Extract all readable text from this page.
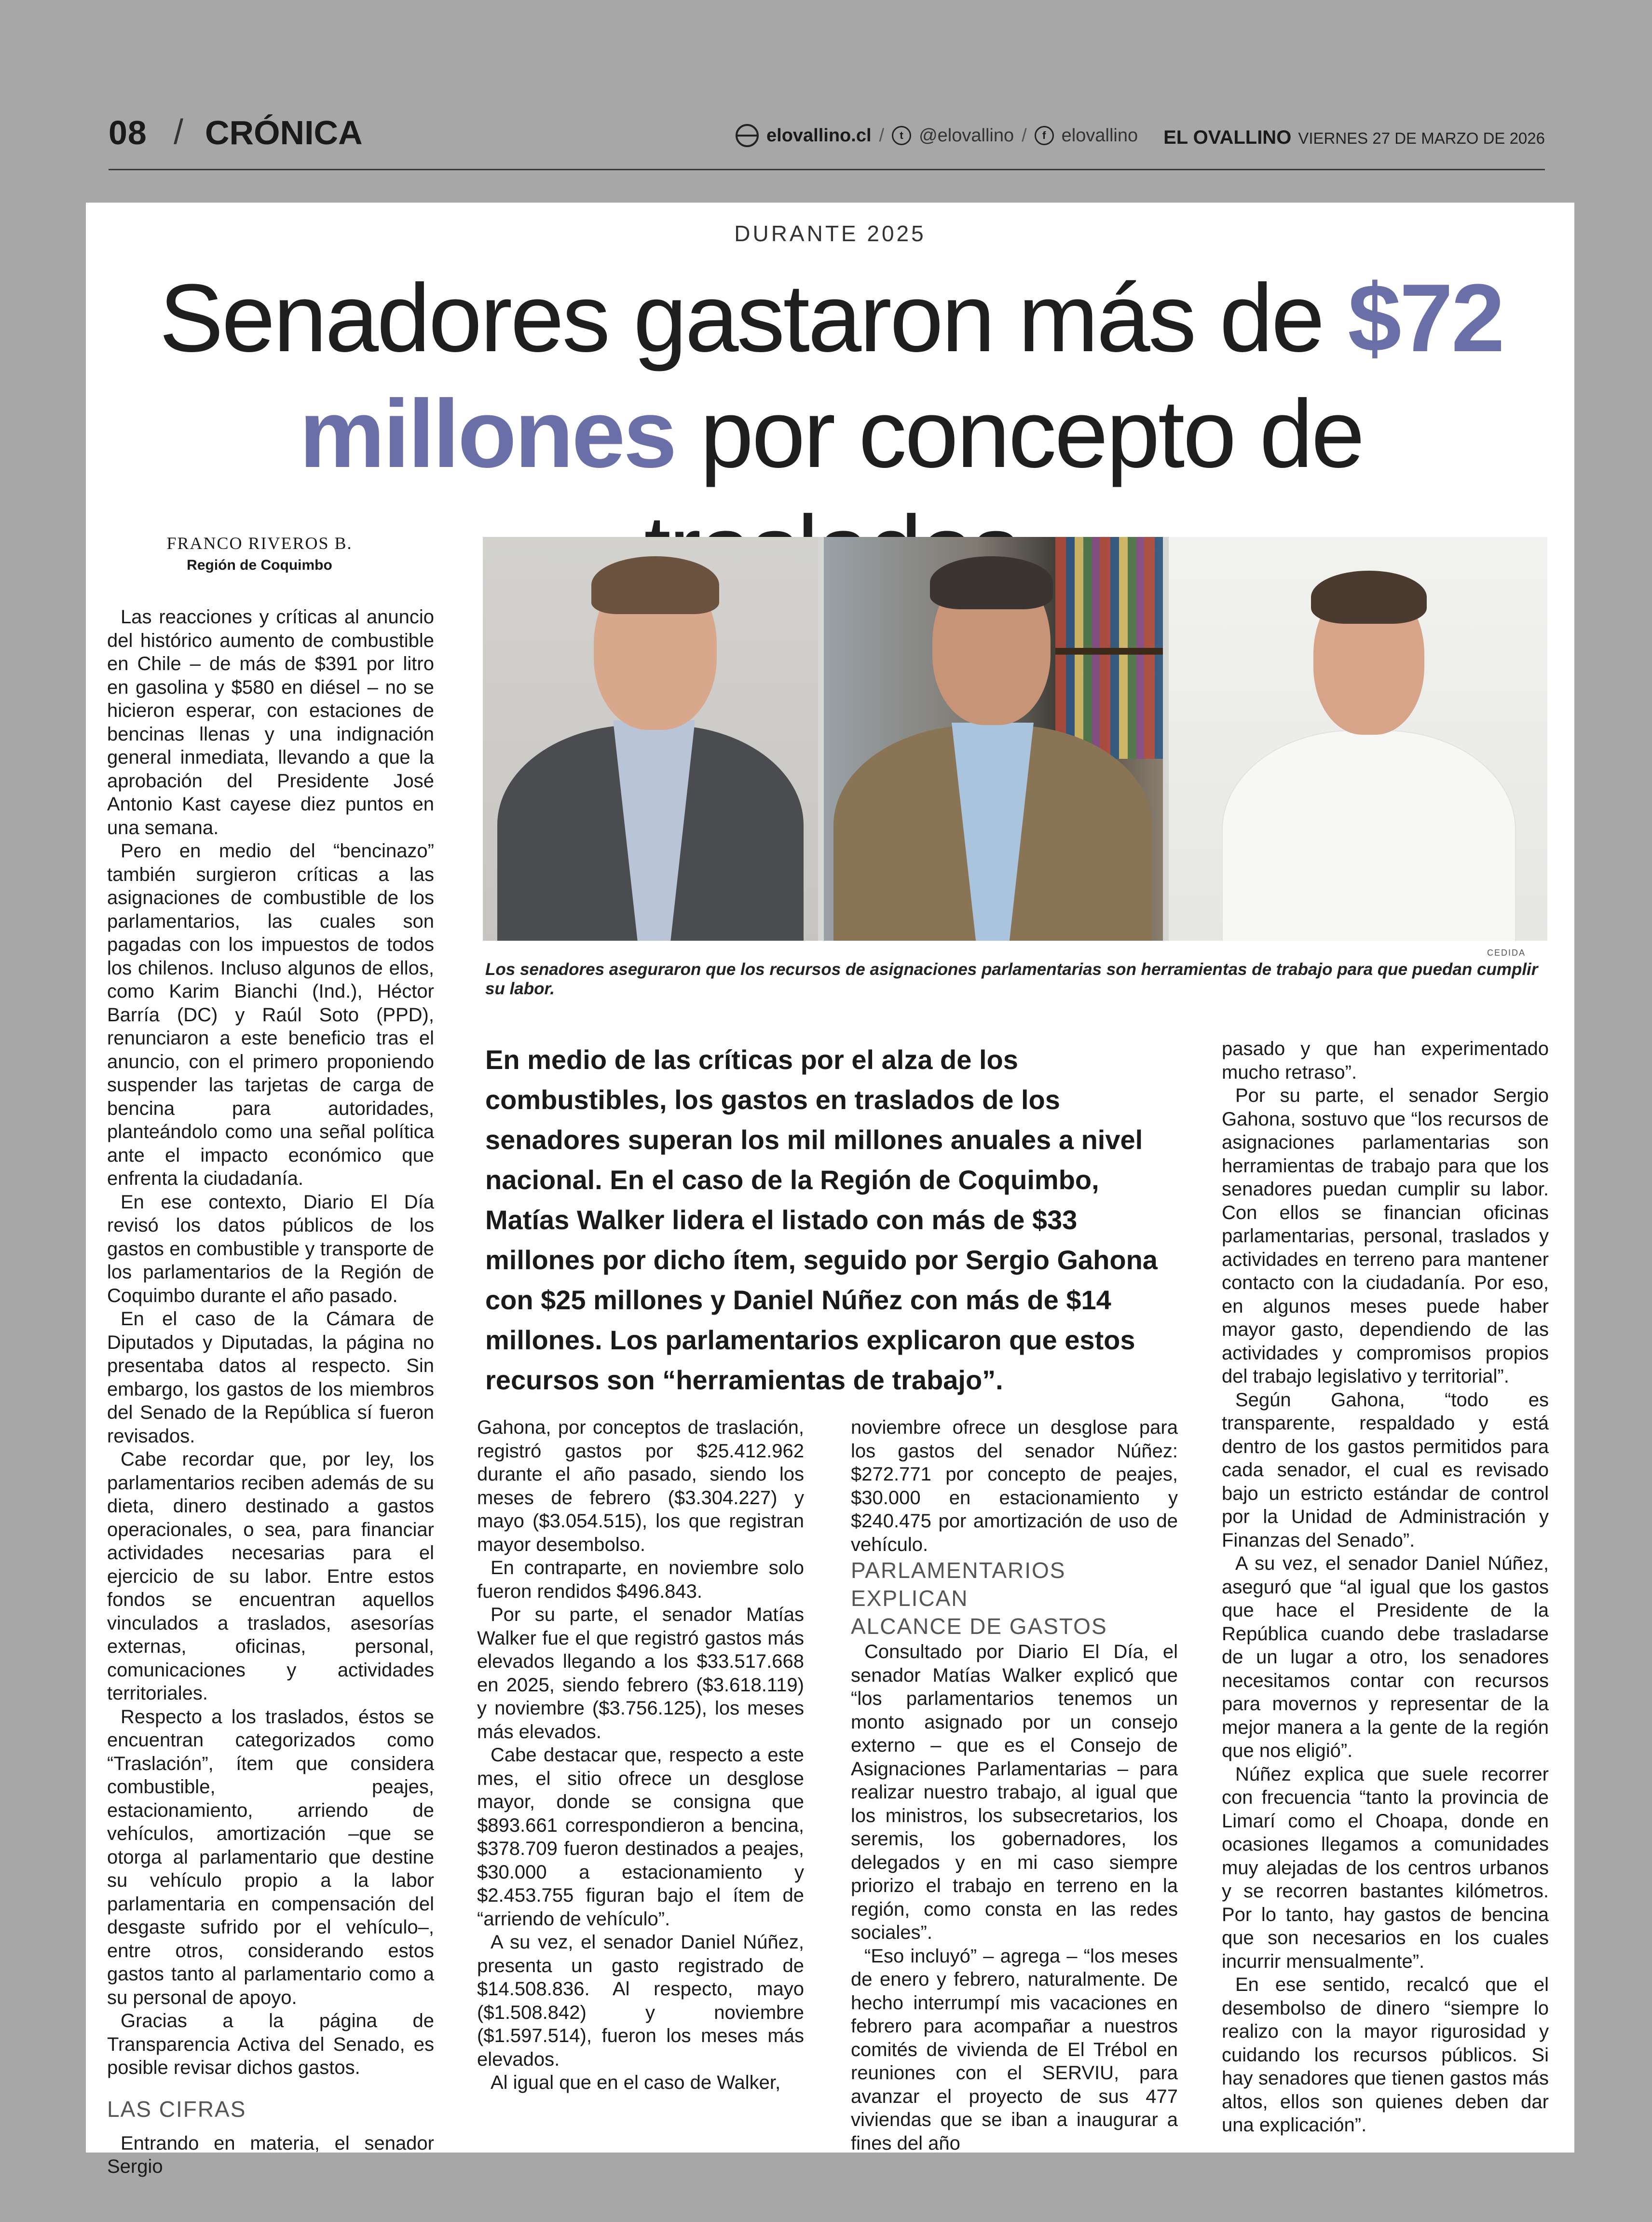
08 / CRÓNICA	elovallino.cl /	t @elovallino /	f elovallino EL OVALLINO VIERNES 27 DE MARZO DE 2026
DURANTE 2025
Senadores gastaron más de $72
millones por concepto de
FRANCO RIVEROS B.
Región de Coquimbo
CEDIDA
Los senadores aseguraron que los recursos de asignaciones parlamentarias son herramientas de trabajo para que puedan cumplir su labor.
En medio de las críticas por el alza de los combustibles, los gastos en traslados de los senadores superan los mil millones anuales a nivel nacional. En el caso de la Región de Coquimbo, Matías Walker lidera el listado con más de $33 millones por dicho ítem, seguido por Sergio Gahona con $25 millones y Daniel Núñez con más de $14 millones. Los parlamentarios explicaron que estos recursos son “herramientas de trabajo”.

Las reacciones y críticas al anuncio del histórico aumento de combustible en Chile – de más de $391 por litro en gasolina y $580 en diésel – no se hicieron esperar, con estaciones de bencinas llenas y una indignación general inmediata, llevando a que la aprobación del Presidente José Antonio Kast cayese diez puntos en una semana.

Pero en medio del “bencinazo” también surgieron críticas a las asignaciones de combustible de los parlamentarios, las cuales son pagadas con los impuestos de todos los chilenos. Incluso algunos de ellos, como Karim Bianchi (Ind.), Héctor Barría (DC) y Raúl Soto (PPD), renunciaron a este beneficio tras el anuncio, con el primero proponiendo suspender las tarjetas de carga de bencina para autoridades, planteándolo como una señal política ante el impacto económico que enfrenta la ciudadanía.

En ese contexto, Diario El Día revisó los datos públicos de los gastos en combustible y transporte de los parlamentarios de la Región de Coquimbo durante el año pasado.

En el caso de la Cámara de Diputados y Diputadas, la página no presentaba datos al respecto. Sin embargo, los gastos de los miembros del Senado de la República sí fueron revisados.

Cabe recordar que, por ley, los parlamentarios reciben además de su dieta, dinero destinado a gastos operacionales, o sea, para financiar actividades necesarias para el ejercicio de su labor. Entre estos fondos se encuentran aquellos vinculados a traslados, asesorías externas, oficinas, personal, comunicaciones y actividades territoriales.

Respecto a los traslados, éstos se encuentran categorizados como “Traslación”, ítem que considera combustible, peajes, estacionamiento, arriendo de vehículos, amortización –que se otorga al parlamentario que destine su vehículo propio a la labor parlamentaria en compensación del desgaste sufrido por el vehículo–, entre otros, considerando estos gastos tanto al parlamentario como a su personal de apoyo.

Gracias a la página de Transparencia Activa del Senado, es posible revisar dichos gastos.

LAS CIFRAS

Entrando en materia, el senador Sergio

Gahona, por conceptos de traslación, registró gastos por $25.412.962 durante el año pasado, siendo los meses de febrero ($3.304.227) y mayo ($3.054.515), los que registran mayor desembolso.

En contraparte, en noviembre solo fueron rendidos $496.843.

Por su parte, el senador Matías Walker fue el que registró gastos más elevados llegando a los $33.517.668 en 2025, siendo febrero ($3.618.119) y noviembre ($3.756.125), los meses más elevados.

Cabe destacar que, respecto a este mes, el sitio ofrece un desglose mayor, donde se consigna que $893.661 correspondieron a bencina, $378.709 fueron destinados a peajes, $30.000 a estacionamiento y $2.453.755 figuran bajo el ítem de “arriendo de vehículo”.

A su vez, el senador Daniel Núñez, presenta un gasto registrado de $14.508.836. Al respecto, mayo ($1.508.842) y noviembre ($1.597.514), fueron los meses más elevados.

Al igual que en el caso de Walker,

noviembre ofrece un desglose para los gastos del senador Núñez: $272.771 por concepto de peajes, $30.000 en estacionamiento y $240.475 por amortización de uso de vehículo.

PARLAMENTARIOS EXPLICAN

ALCANCE DE GASTOS

Consultado por Diario El Día, el senador Matías Walker explicó que “los parlamentarios tenemos un monto asignado por un consejo externo – que es el Consejo de Asignaciones Parlamentarias – para realizar nuestro trabajo, al igual que los ministros, los subsecretarios, los seremis, los gobernadores, los delegados y en mi caso siempre priorizo el trabajo en terreno en la región, como consta en las redes sociales”.

“Eso incluyó” – agrega – “los meses de enero y febrero, naturalmente. De hecho interrumpí mis vacaciones en febrero para acompañar a nuestros comités de vivienda de El Trébol en reuniones con el SERVIU, para avanzar el proyecto de sus 477 viviendas que se iban a inaugurar a fines del año

pasado y que han experimentado mucho retraso”.

Por su parte, el senador Sergio Gahona, sostuvo que “los recursos de asignaciones parlamentarias son herramientas de trabajo para que los senadores puedan cumplir su labor. Con ellos se financian oficinas parlamentarias, personal, traslados y actividades en terreno para mantener contacto con la ciudadanía. Por eso, en algunos meses puede haber mayor gasto, dependiendo de las actividades y compromisos propios del trabajo legislativo y territorial”.

Según Gahona, “todo es transparente, respaldado y está dentro de los gastos permitidos para cada senador, el cual es revisado bajo un estricto estándar de control por la Unidad de Administración y Finanzas del Senado”.

A su vez, el senador Daniel Núñez, aseguró que “al igual que los gastos que hace el Presidente de la República cuando debe trasladarse de un lugar a otro, los senadores necesitamos contar con recursos para movernos y representar de la mejor manera a la gente de la región que nos eligió”.

Núñez explica que suele recorrer con frecuencia “tanto la provincia de Limarí como el Choapa, donde en ocasiones llegamos a comunidades muy alejadas de los centros urbanos y se recorren bastantes kilómetros. Por lo tanto, hay gastos de bencina que son necesarios en los cuales incurrir mensualmente”.

En ese sentido, recalcó que el desembolso de dinero “siempre lo realizo con la mayor rigurosidad y cuidando los recursos públicos. Si hay senadores que tienen gastos más altos, ellos son quienes deben dar una explicación”.
